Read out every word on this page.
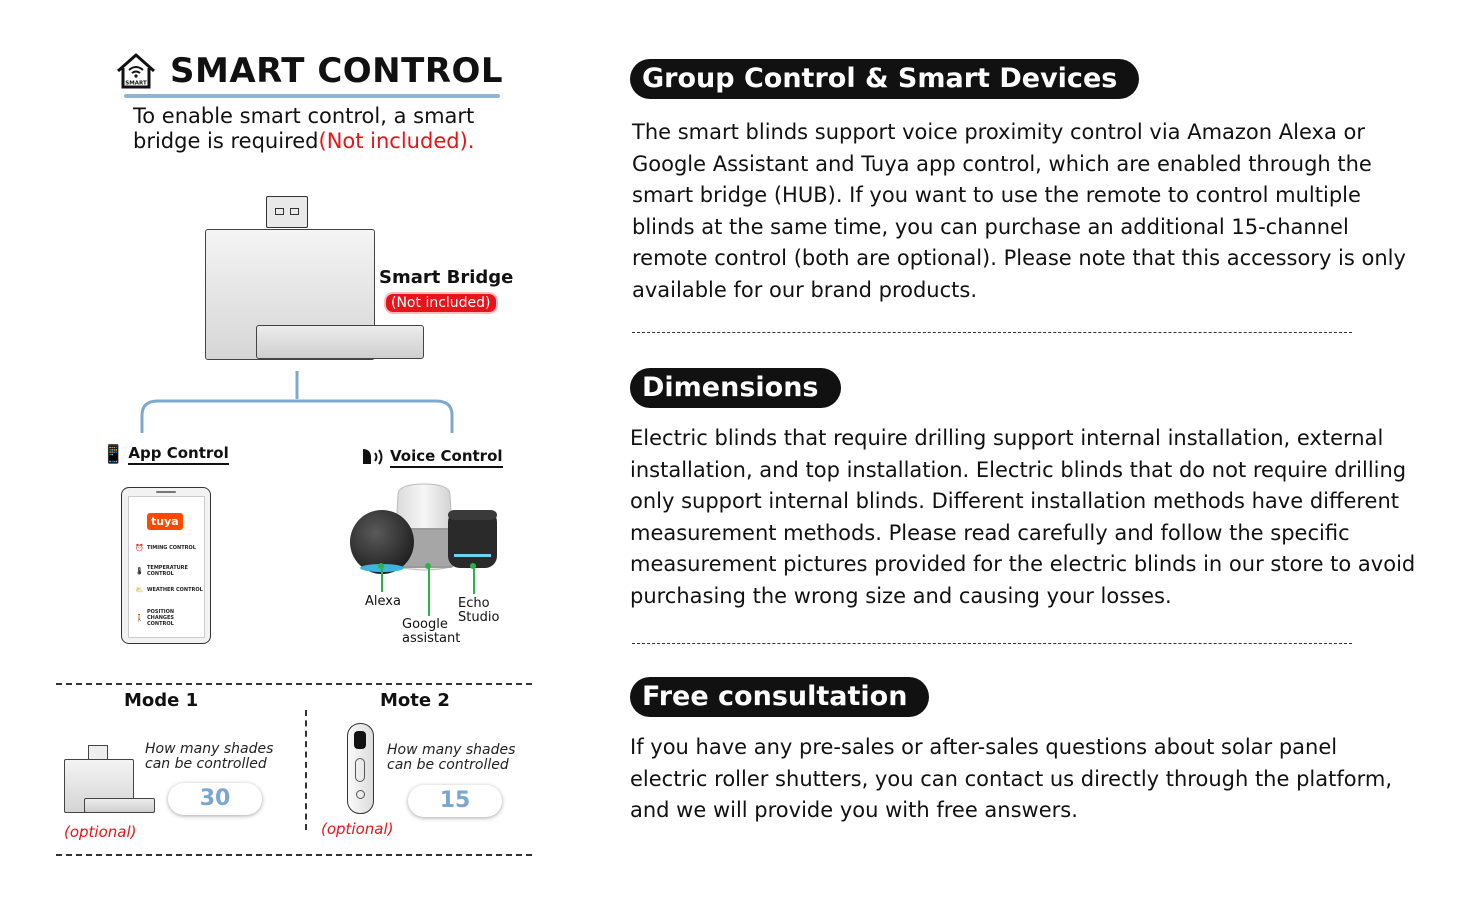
SMART SMART CONTROL
To enable smart control, a smart bridge is required(Not included).
Smart Bridge
(Not included)
📱 App Control	Voice Control
tuya
⏰ TIMING CONTROL
🌡 TEMPERATURE CONTROL
⛅ WEATHER CONTROL
🚶
POSITION CHANGES CONTROL
Alexa
Google assistant
Echo Studio
Mode 1	Mote 2
How many shades can be controlled
30
(optional)
How many shades can be controlled
15
(optional)
Group Control & Smart Devices
The smart blinds support voice proximity control via Amazon Alexa or Google Assistant and Tuya app control, which are enabled through the smart bridge (HUB). If you want to use the remote to control multiple blinds at the same time, you can purchase an additional 15-channel remote control (both are optional). Please note that this accessory is only available for our brand products.
Dimensions
Electric blinds that require drilling support internal installation, external installation, and top installation. Electric blinds that do not require drilling only support internal blinds. Different installation methods have different measurement methods. Please read carefully and follow the specific measurement pictures provided for the electric blinds in our store to avoid purchasing the wrong size and causing your losses.
Free consultation
If you have any pre-sales or after-sales questions about solar panel electric roller shutters, you can contact us directly through the platform, and we will provide you with free answers.
